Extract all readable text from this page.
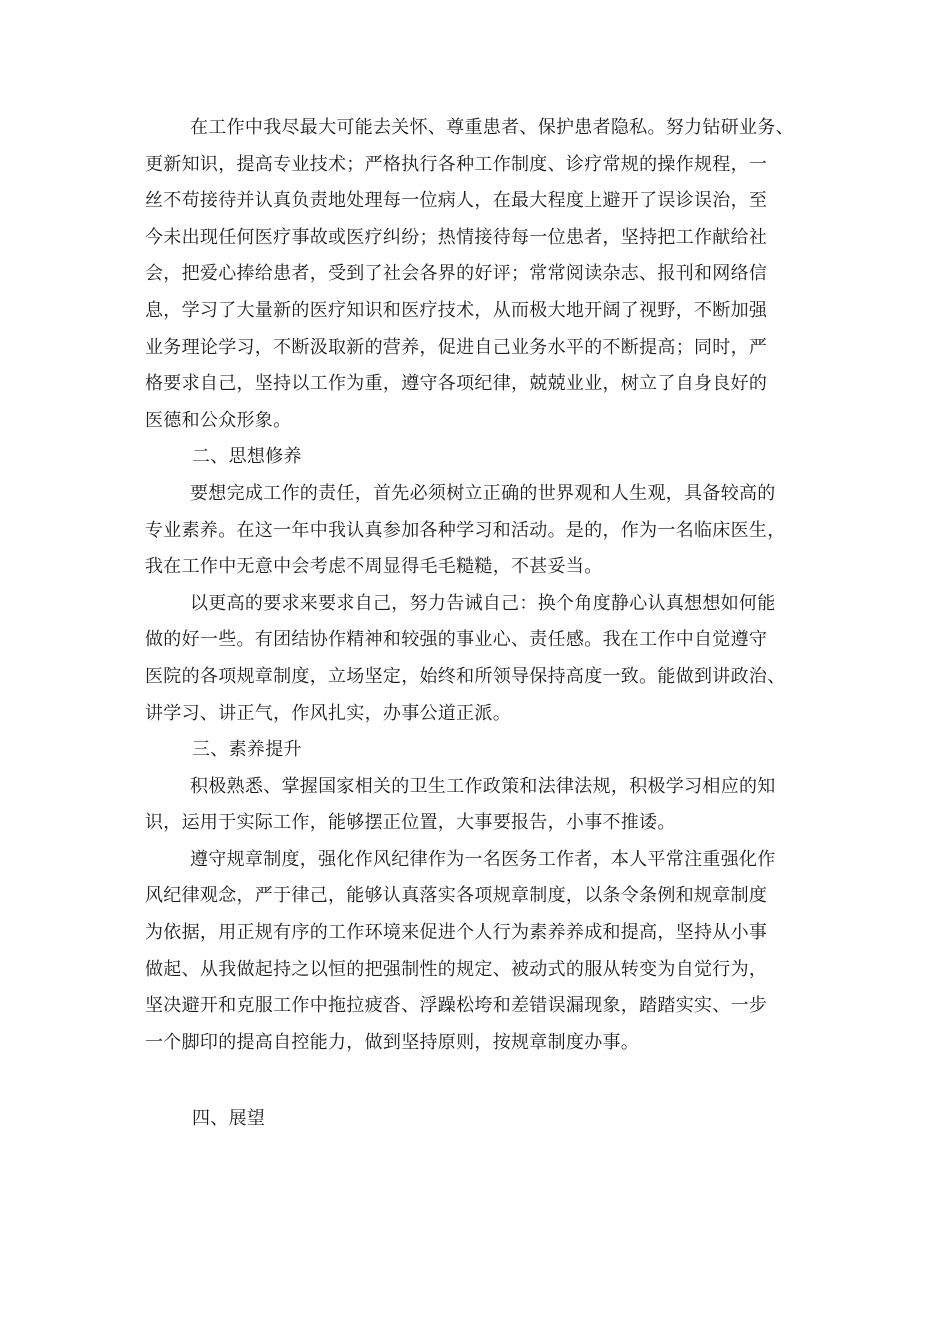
在工作中我尽最大可能去关怀、尊重患者、保护患者隐私。努力钻研业务、
更新知识，提高专业技术；严格执行各种工作制度、诊疗常规的操作规程，一
丝不苟接待并认真负责地处理每一位病人，在最大程度上避开了误诊误治，至
今未出现任何医疗事故或医疗纠纷；热情接待每一位患者，坚持把工作献给社
会，把爱心捧给患者，受到了社会各界的好评；常常阅读杂志、报刊和网络信
息，学习了大量新的医疗知识和医疗技术，从而极大地开阔了视野，不断加强
业务理论学习，不断汲取新的营养，促进自己业务水平的不断提高；同时，严
格要求自己，坚持以工作为重，遵守各项纪律，兢兢业业，树立了自身良好的
医德和公众形象。
二、思想修养
要想完成工作的责任，首先必须树立正确的世界观和人生观，具备较高的
专业素养。在这一年中我认真参加各种学习和活动。是的，作为一名临床医生，
我在工作中无意中会考虑不周显得毛毛糙糙，不甚妥当。
以更高的要求来要求自己，努力告诫自己：换个角度静心认真想想如何能
做的好一些。有团结协作精神和较强的事业心、责任感。我在工作中自觉遵守
医院的各项规章制度，立场坚定，始终和所领导保持高度一致。能做到讲政治、
讲学习、讲正气，作风扎实，办事公道正派。
三、素养提升
积极熟悉、掌握国家相关的卫生工作政策和法律法规，积极学习相应的知
识，运用于实际工作，能够摆正位置，大事要报告，小事不推诿。
遵守规章制度，强化作风纪律作为一名医务工作者，本人平常注重强化作
风纪律观念，严于律己，能够认真落实各项规章制度，以条令条例和规章制度
为依据，用正规有序的工作环境来促进个人行为素养养成和提高，坚持从小事
做起、从我做起持之以恒的把强制性的规定、被动式的服从转变为自觉行为，
坚决避开和克服工作中拖拉疲沓、浮躁松垮和差错误漏现象，踏踏实实、一步
一个脚印的提高自控能力，做到坚持原则，按规章制度办事。
四、展望
